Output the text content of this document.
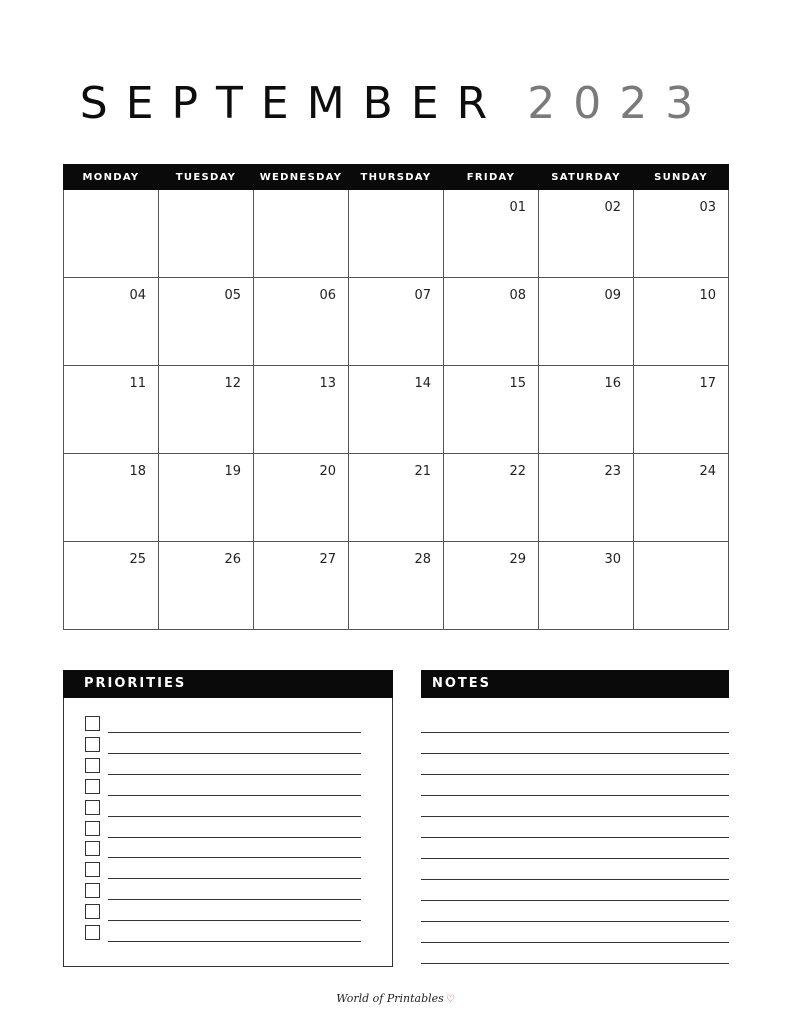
SEPTEMBER 2023
MONDAY	TUESDAY	WEDNESDAY	THURSDAY	FRIDAY	SATURDAY	SUNDAY

				01	02	03

04	05	06	07	08	09	10

11	12	13	14	15	16	17

18	19	20	21	22	23	24

25	26	27	28	29	30	

PRIORITIES	NOTES
World of Printables ♡
